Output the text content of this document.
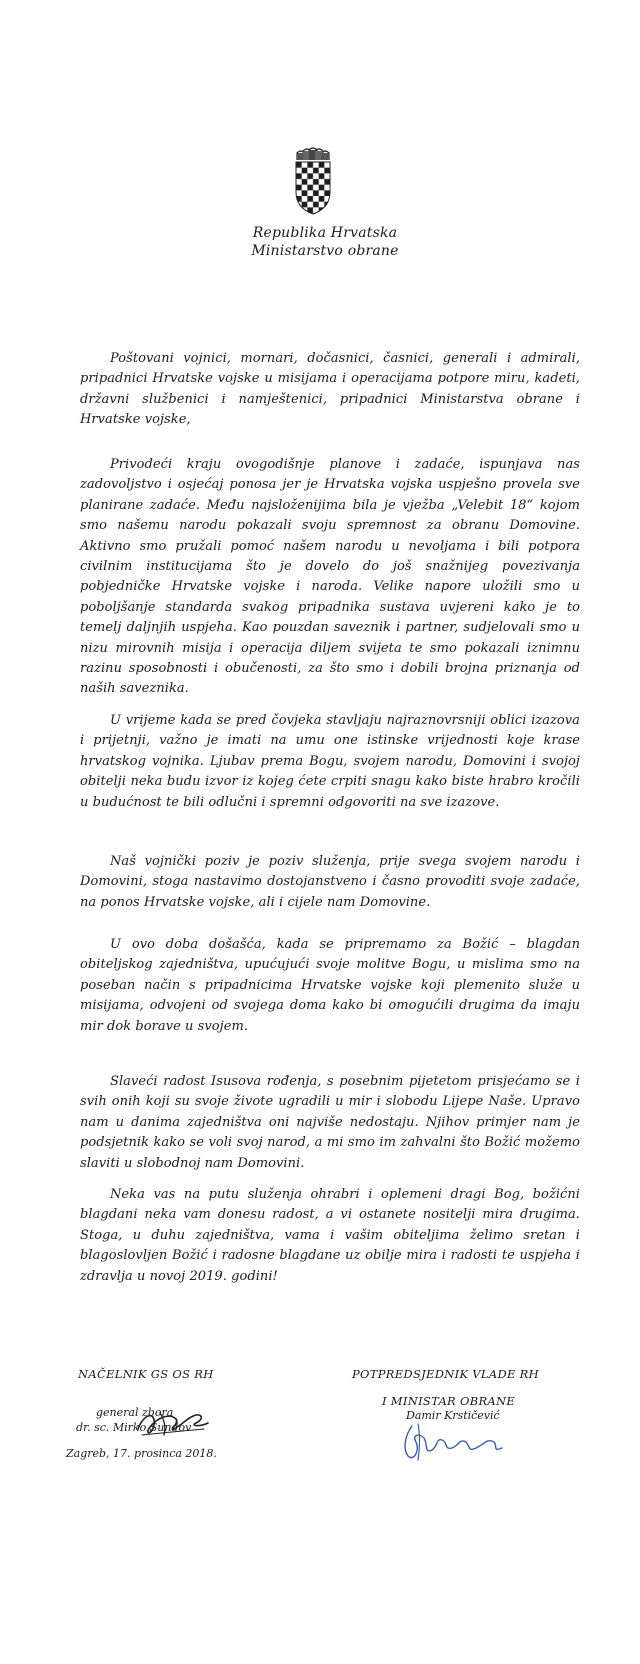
Republika Hrvatska
Ministarstvo obrane

Poštovani vojnici, mornari, dočasnici, časnici, generali i admirali, pripadnici Hrvatske vojske u misijama i operacijama potpore miru, kadeti, državni službenici i namještenici, pripadnici Ministarstva obrane i Hrvatske vojske,

Privodeći kraju ovogodišnje planove i zadaće, ispunjava nas zadovoljstvo i osjećaj ponosa jer je Hrvatska vojska uspješno provela sve planirane zadaće. Među najsloženijima bila je vježba „Velebit 18“ kojom smo našemu narodu pokazali svoju spremnost za obranu Domovine. Aktivno smo pružali pomoć našem narodu u nevoljama i bili potpora civilnim institucijama što je dovelo do još snažnijeg povezivanja pobjedničke Hrvatske vojske i naroda. Velike napore uložili smo u poboljšanje standarda svakog pripadnika sustava uvjereni kako je to temelj daljnjih uspjeha. Kao pouzdan saveznik i partner, sudjelovali smo u nizu mirovnih misija i operacija diljem svijeta te smo pokazali iznimnu razinu sposobnosti i obučenosti, za što smo i dobili brojna priznanja od naših saveznika.

U vrijeme kada se pred čovjeka stavljaju najraznovrsniji oblici izazova i prijetnji, važno je imati na umu one istinske vrijednosti koje krase hrvatskog vojnika. Ljubav prema Bogu, svojem narodu, Domovini i svojoj obitelji neka budu izvor iz kojeg ćete crpiti snagu kako biste hrabro kročili u budućnost te bili odlučni i spremni odgovoriti na sve izazove.

Naš vojnički poziv je poziv služenja, prije svega svojem narodu i Domovini, stoga nastavimo dostojanstveno i časno provoditi svoje zadaće, na ponos Hrvatske vojske, ali i cijele nam Domovine.

U ovo doba došašća, kada se pripremamo za Božić – blagdan obiteljskog zajedništva, upućujući svoje molitve Bogu, u mislima smo na poseban način s pripadnicima Hrvatske vojske koji plemenito služe u misijama, odvojeni od svojega doma kako bi omogućili drugima da imaju mir dok borave u svojem.

Slaveći radost Isusova rođenja, s posebnim pijetetom prisjećamo se i svih onih koji su svoje živote ugradili u mir i slobodu Lijepe Naše. Upravo nam u danima zajedništva oni najviše nedostaju. Njihov primjer nam je podsjetnik kako se voli svoj narod, a mi smo im zahvalni što Božić možemo slaviti u slobodnoj nam Domovini.

Neka vas na putu služenja ohrabri i oplemeni dragi Bog, božićni blagdani neka vam donesu radost, a vi ostanete nositelji mira drugima. Stoga, u duhu zajedništva, vama i vašim obiteljima želimo sretan i blagoslovljen Božić i radosne blagdane uz obilje mira i radosti te uspjeha i zdravlja u novoj 2019. godini!

NAČELNIK GS OS RH
general zbora
dr. sc. Mirko Šundov
Zagreb, 17. prosinca 2018.
POTPREDSJEDNIK VLADE RH
I MINISTAR OBRANE
Damir Krstičević
